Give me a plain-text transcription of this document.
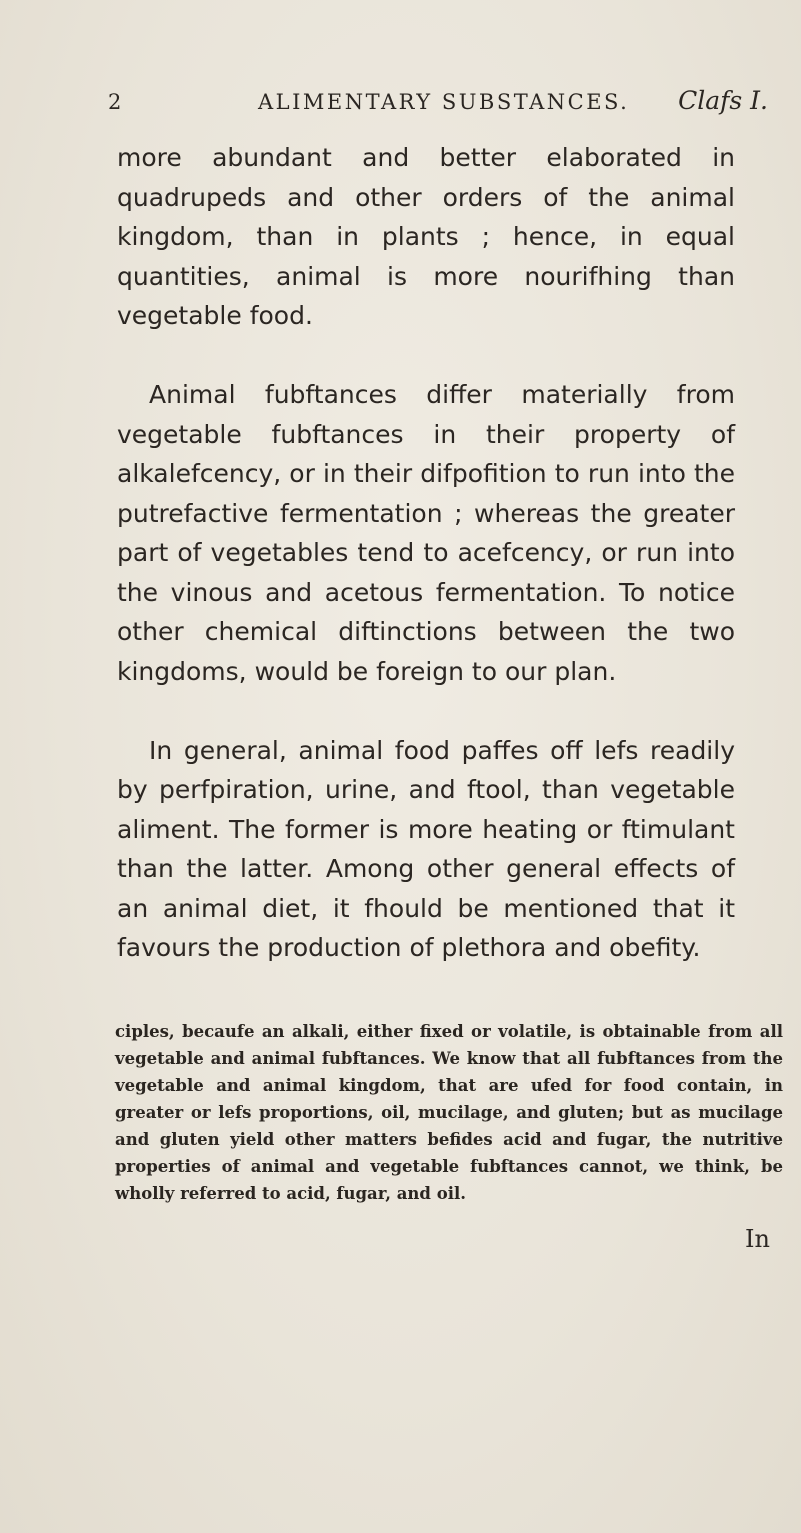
2	ALIMENTARY SUBSTANCES. Clafs I.

more abundant and better elaborated in quadrupeds and other orders of the animal kingdom, than in plants ; hence, in equal quantities, animal is more nourifhing than vegetable food.

Animal fubftances differ materially from vegetable fubftances in their property of alkalefcency, or in their difpofition to run into the putrefactive fermentation ; whereas the greater part of vegetables tend to acefcency, or run into the vinous and acetous fermentation. To notice other chemical diftinctions between the two kingdoms, would be foreign to our plan.

In general, animal food paffes off lefs readily by perfpiration, urine, and ftool, than vegetable aliment. The former is more heating or ftimulant than the latter. Among other general effects of an animal diet, it fhould be mentioned that it favours the production of plethora and obefity.

ciples, becaufe an alkali, either fixed or volatile, is obtainable from all vegetable and animal fubftances. We know that all fubftances from the vegetable and animal kingdom, that are ufed for food contain, in greater or lefs proportions, oil, mucilage, and gluten; but as mucilage and gluten yield other matters befides acid and fugar, the nutritive properties of animal and vegetable fubftances cannot, we think, be wholly referred to acid, fugar, and oil.

In
